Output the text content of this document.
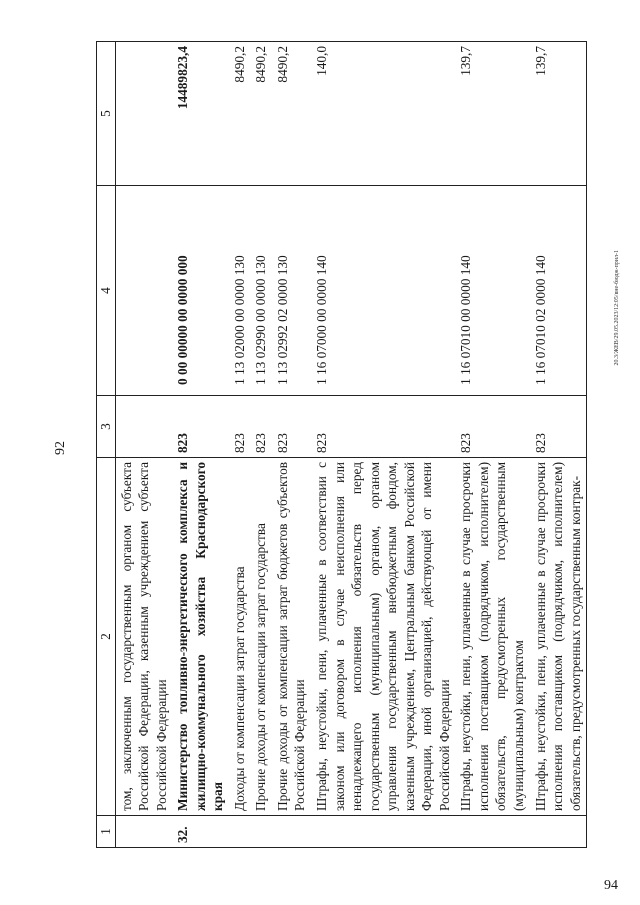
92
20.3/ЖЕВ/29.05.2023/12:05/вне-бюдж-прил-1
1	2	3	4	5
	том, заключенным государственным органом субъекта Российской Федерации, казенным учреждением субъекта Российской Федерации			
32.	Министерство топливно-энергетического комплекса и жилищно-коммунального хозяйства Краснодарского края	823	0 00 00000 00 0000 000	14489823,4
	Доходы от компенсации затрат государства	823	1 13 02000 00 0000 130	8490,2
	Прочие доходы от компенсации затрат государства	823	1 13 02990 00 0000 130	8490,2
	Прочие доходы от компенсации затрат бюджетов субъектов Российской Федерации	823	1 13 02992 02 0000 130	8490,2
	Штрафы, неустойки, пени, уплаченные в соответствии с законом или договором в случае неисполнения или ненадлежащего исполнения обязательств перед государственным (муниципальным) органом, органом управления государственным внебюджетным фондом, казенным учреждением, Центральным банком Российской Федерации, иной организацией, действующей от имени Российской Федерации	823	1 16 07000 00 0000 140	140,0
	Штрафы, неустойки, пени, уплаченные в случае просрочки исполнения поставщиком (подрядчиком, исполнителем) обязательств, предусмотренных государственным (муниципальным) контрактом	823	1 16 07010 00 0000 140	139,7
	Штрафы, неустойки, пени, уплаченные в случае просрочки исполнения поставщиком (подрядчиком, исполнителем) обязательств, предусмотренных государственным контрак-	823	1 16 07010 02 0000 140	139,7
94
